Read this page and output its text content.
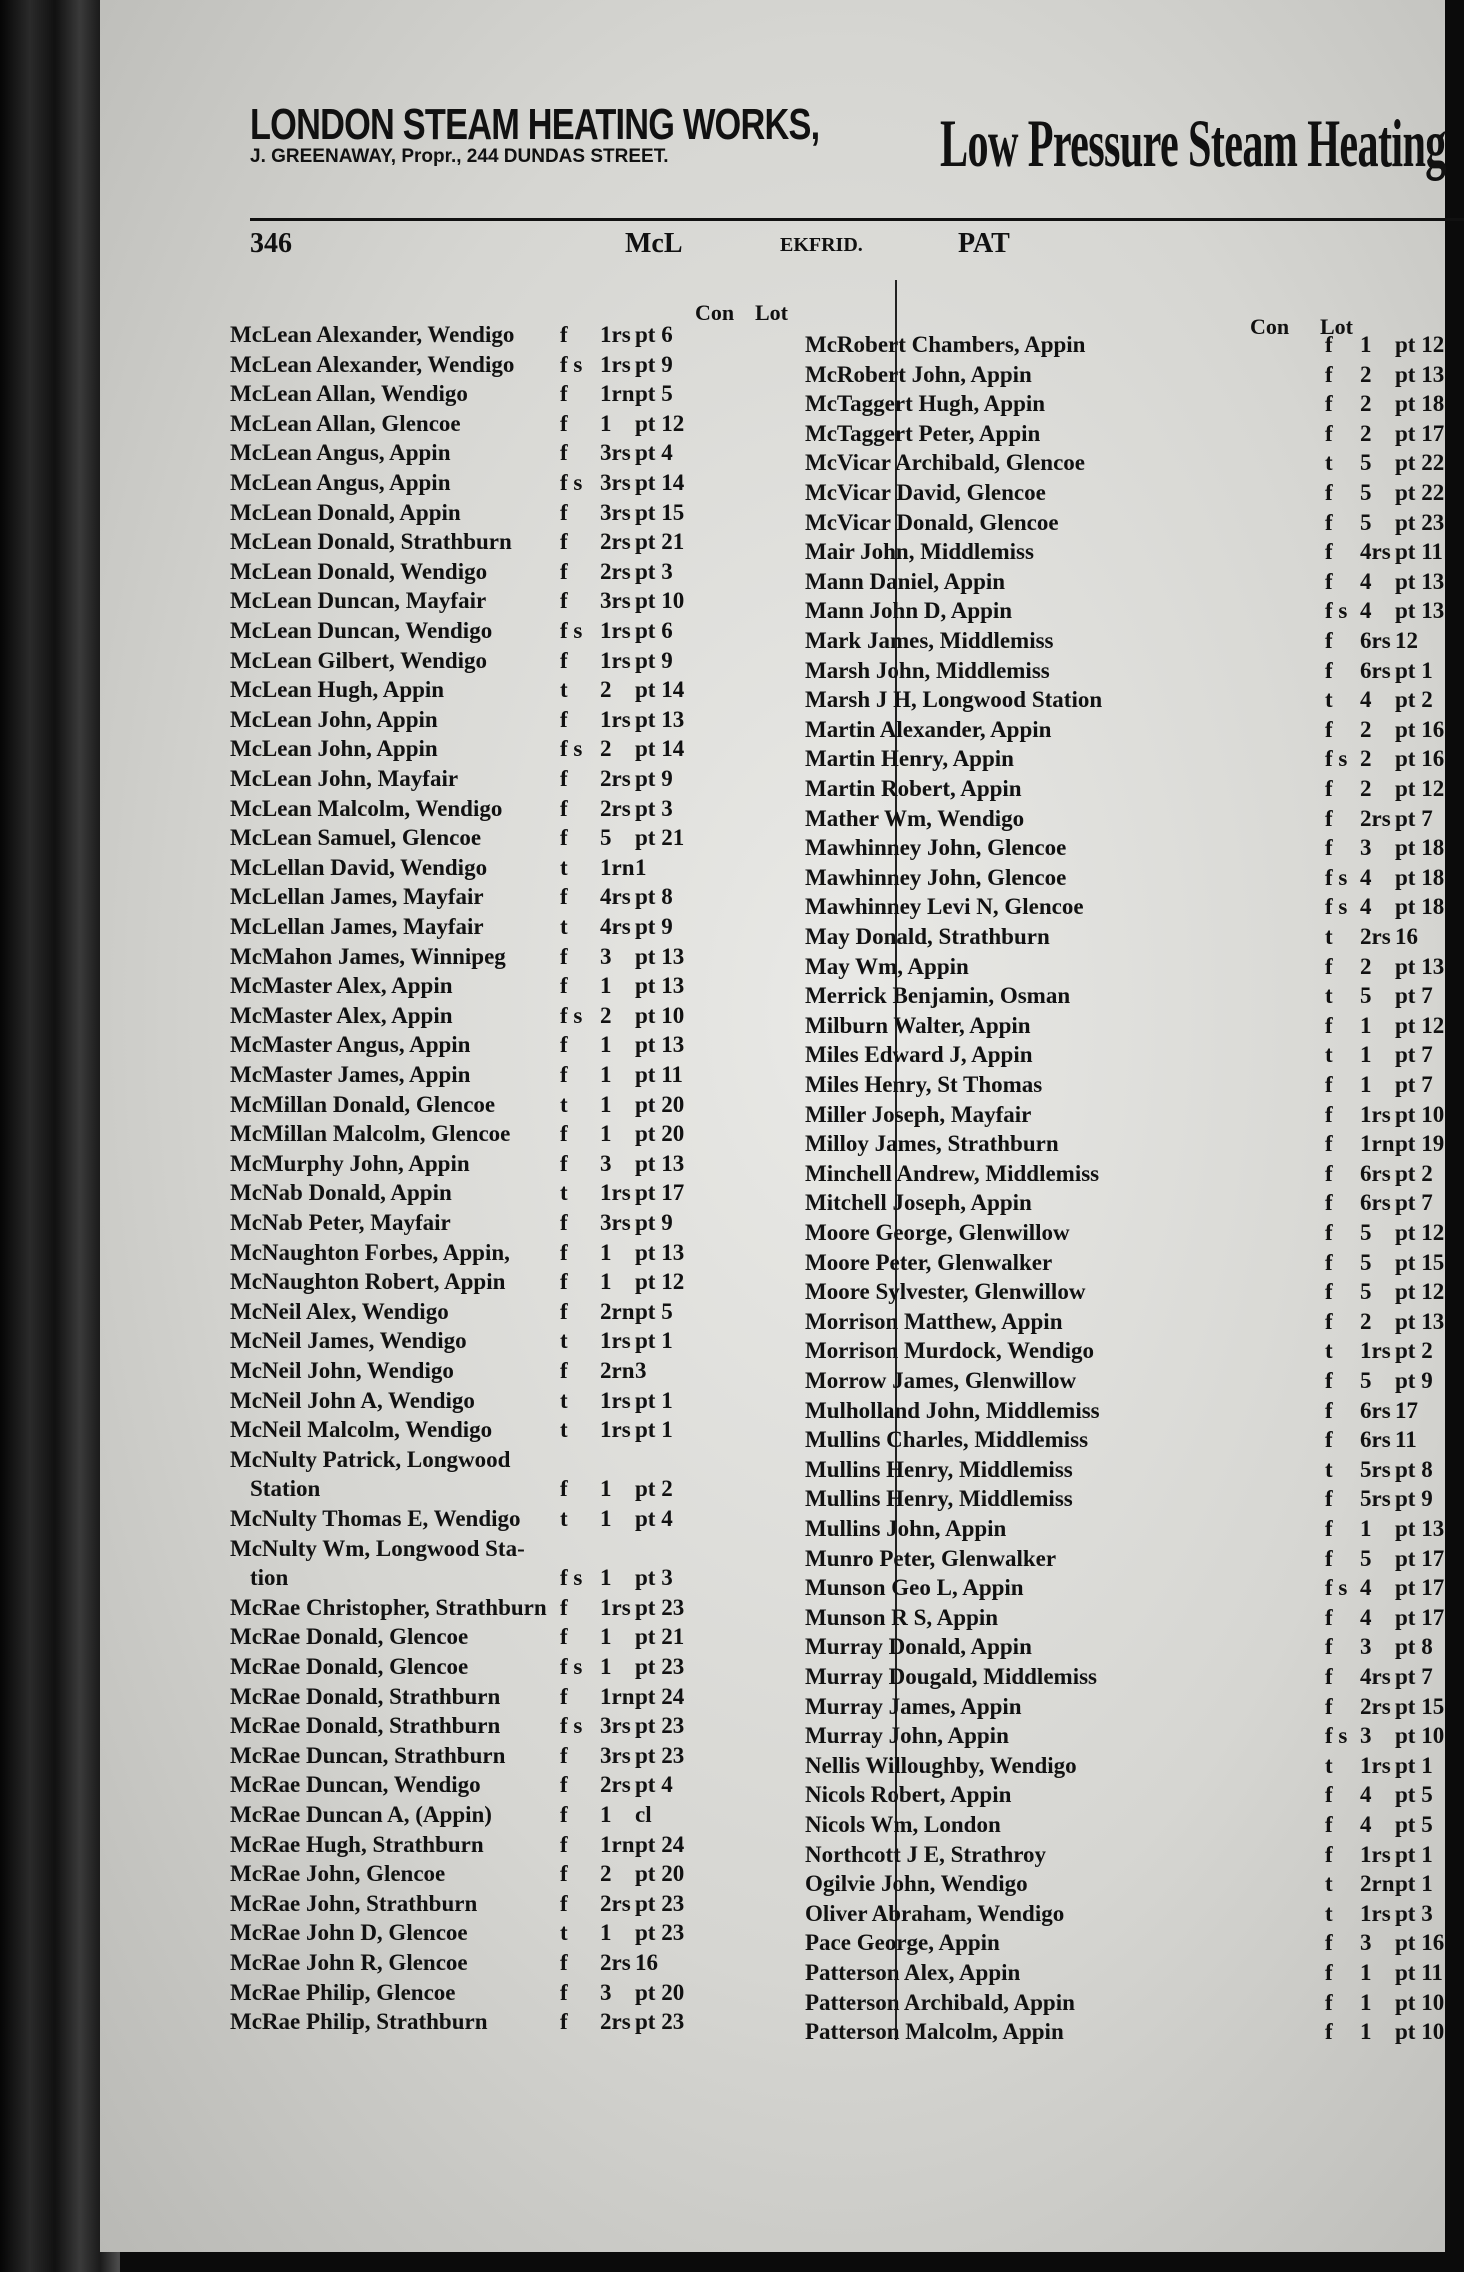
LONDON STEAM HEATING WORKS,
J. GREENAWAY, Propr., 244 DUNDAS STREET.	Low Pressure Steam Heating
346	McL	EKFRID.	PAT
Con Lot
Con Lot
McLean Alexander, Wendigo f 1rs pt 6
McLean Alexander, Wendigo f s 1rs pt 9
McLean Allan, Wendigo	f 1rn pt 5
McLean Allan, Glencoe	f 1 pt 12
McLean Angus, Appin	f 3rs pt 4
McLean Angus, Appin	f s 3rs pt 14
McLean Donald, Appin	f 3rs pt 15
McLean Donald, Strathburn f 2rs pt 21
McLean Donald, Wendigo	f 2rs pt 3
McLean Duncan, Mayfair	f 3rs pt 10
McLean Duncan, Wendigo	f s 1rs pt 6
McLean Gilbert, Wendigo	f 1rs pt 9
McLean Hugh, Appin	t 2 pt 14
McLean John, Appin	f 1rs pt 13
McLean John, Appin	f s 2 pt 14
McLean John, Mayfair	f 2rs pt 9
McLean Malcolm, Wendigo	f 2rs pt 3
McLean Samuel, Glencoe	f 5 pt 21
McLellan David, Wendigo	t 1rn 1
McLellan James, Mayfair	f 4rs pt 8
McLellan James, Mayfair	t 4rs pt 9
McMahon James, Winnipeg f 3 pt 13
McMaster Alex, Appin	f 1 pt 13
McMaster Alex, Appin	f s 2 pt 10
McMaster Angus, Appin	f 1 pt 13
McMaster James, Appin	f 1 pt 11
McMillan Donald, Glencoe	t 1 pt 20
McMillan Malcolm, Glencoe f 1 pt 20
McMurphy John, Appin	f 3 pt 13
McNab Donald, Appin	t 1rs pt 17
McNab Peter, Mayfair	f 3rs pt 9
McNaughton Forbes, Appin, f 1 pt 13
McNaughton Robert, Appin f 1 pt 12
McNeil Alex, Wendigo	f 2rn pt 5
McNeil James, Wendigo	t 1rs pt 1
McNeil John, Wendigo	f 2rn 3
McNeil John A, Wendigo	t 1rs pt 1
McNeil Malcolm, Wendigo	t 1rs pt 1
McNulty Patrick, Longwood
Station	f 1 pt 2
McNulty Thomas E, Wendigo t 1 pt 4
McNulty Wm, Longwood Sta-
tion	f s 1 pt 3
McRae Christopher, Strathburn f 1rs pt 23
McRae Donald, Glencoe	f 1 pt 21
McRae Donald, Glencoe	f s 1 pt 23
McRae Donald, Strathburn	f 1rn pt 24
McRae Donald, Strathburn	f s 3rs pt 23
McRae Duncan, Strathburn f 3rs pt 23
McRae Duncan, Wendigo	f 2rs pt 4
McRae Duncan A, (Appin)	f 1 cl
McRae Hugh, Strathburn	f 1rn pt 24
McRae John, Glencoe	f 2 pt 20
McRae John, Strathburn	f 2rs pt 23
McRae John D, Glencoe	t 1 pt 23
McRae John R, Glencoe	f 2rs 16
McRae Philip, Glencoe	f 3 pt 20
McRae Philip, Strathburn	f 2rs pt 23
McRobert Chambers, Appin	f 1 pt 12
McRobert John, Appin	f 2 pt 13
McTaggert Hugh, Appin	f 2 pt 18
McTaggert Peter, Appin	f 2 pt 17
McVicar Archibald, Glencoe	t 5 pt 22
McVicar David, Glencoe	f 5 pt 22
McVicar Donald, Glencoe	f 5 pt 23
Mair John, Middlemiss	f 4rs pt 11
Mann Daniel, Appin	f 4 pt 13
Mann John D, Appin	f s 4 pt 13
Mark James, Middlemiss	f 6rs 12
Marsh John, Middlemiss	f 6rs pt 1
Marsh J H, Longwood Station	t 4 pt 2
Martin Alexander, Appin	f 2 pt 16
Martin Henry, Appin	f s 2 pt 16
Martin Robert, Appin	f 2 pt 12
Mather Wm, Wendigo	f 2rs pt 7
Mawhinney John, Glencoe	f 3 pt 18
Mawhinney John, Glencoe	f s 4 pt 18
Mawhinney Levi N, Glencoe	f s 4 pt 18
May Donald, Strathburn	t 2rs 16
May Wm, Appin	f 2 pt 13
Merrick Benjamin, Osman	t 5 pt 7
Milburn Walter, Appin	f 1 pt 12
Miles Edward J, Appin	t 1 pt 7
Miles Henry, St Thomas	f 1 pt 7
Miller Joseph, Mayfair	f 1rs pt 10
Milloy James, Strathburn	f 1rn pt 19
Minchell Andrew, Middlemiss	f 6rs pt 2
Mitchell Joseph, Appin	f 6rs pt 7
Moore George, Glenwillow	f 5 pt 12
Moore Peter, Glenwalker	f 5 pt 15
Moore Sylvester, Glenwillow	f 5 pt 12
Morrison Matthew, Appin	f 2 pt 13
Morrison Murdock, Wendigo	t 1rs pt 2
Morrow James, Glenwillow	f 5 pt 9
Mulholland John, Middlemiss	f 6rs 17
Mullins Charles, Middlemiss	f 6rs 11
Mullins Henry, Middlemiss	t 5rs pt 8
Mullins Henry, Middlemiss	f 5rs pt 9
Mullins John, Appin	f 1 pt 13
Munro Peter, Glenwalker	f 5 pt 17
Munson Geo L, Appin	f s 4 pt 17
Munson R S, Appin	f 4 pt 17
Murray Donald, Appin	f 3 pt 8
Murray Dougald, Middlemiss	f 4rs pt 7
Murray James, Appin	f 2rs pt 15
Murray John, Appin	f s 3 pt 10
Nellis Willoughby, Wendigo	t 1rs pt 1
Nicols Robert, Appin	f 4 pt 5
Nicols Wm, London	f 4 pt 5
Northcott J E, Strathroy	f 1rs pt 1
Ogilvie John, Wendigo	t 2rn pt 1
Oliver Abraham, Wendigo	t 1rs pt 3
Pace George, Appin	f 3 pt 16
Patterson Alex, Appin	f 1 pt 11
Patterson Archibald, Appin	f 1 pt 10
Patterson Malcolm, Appin	f 1 pt 10
